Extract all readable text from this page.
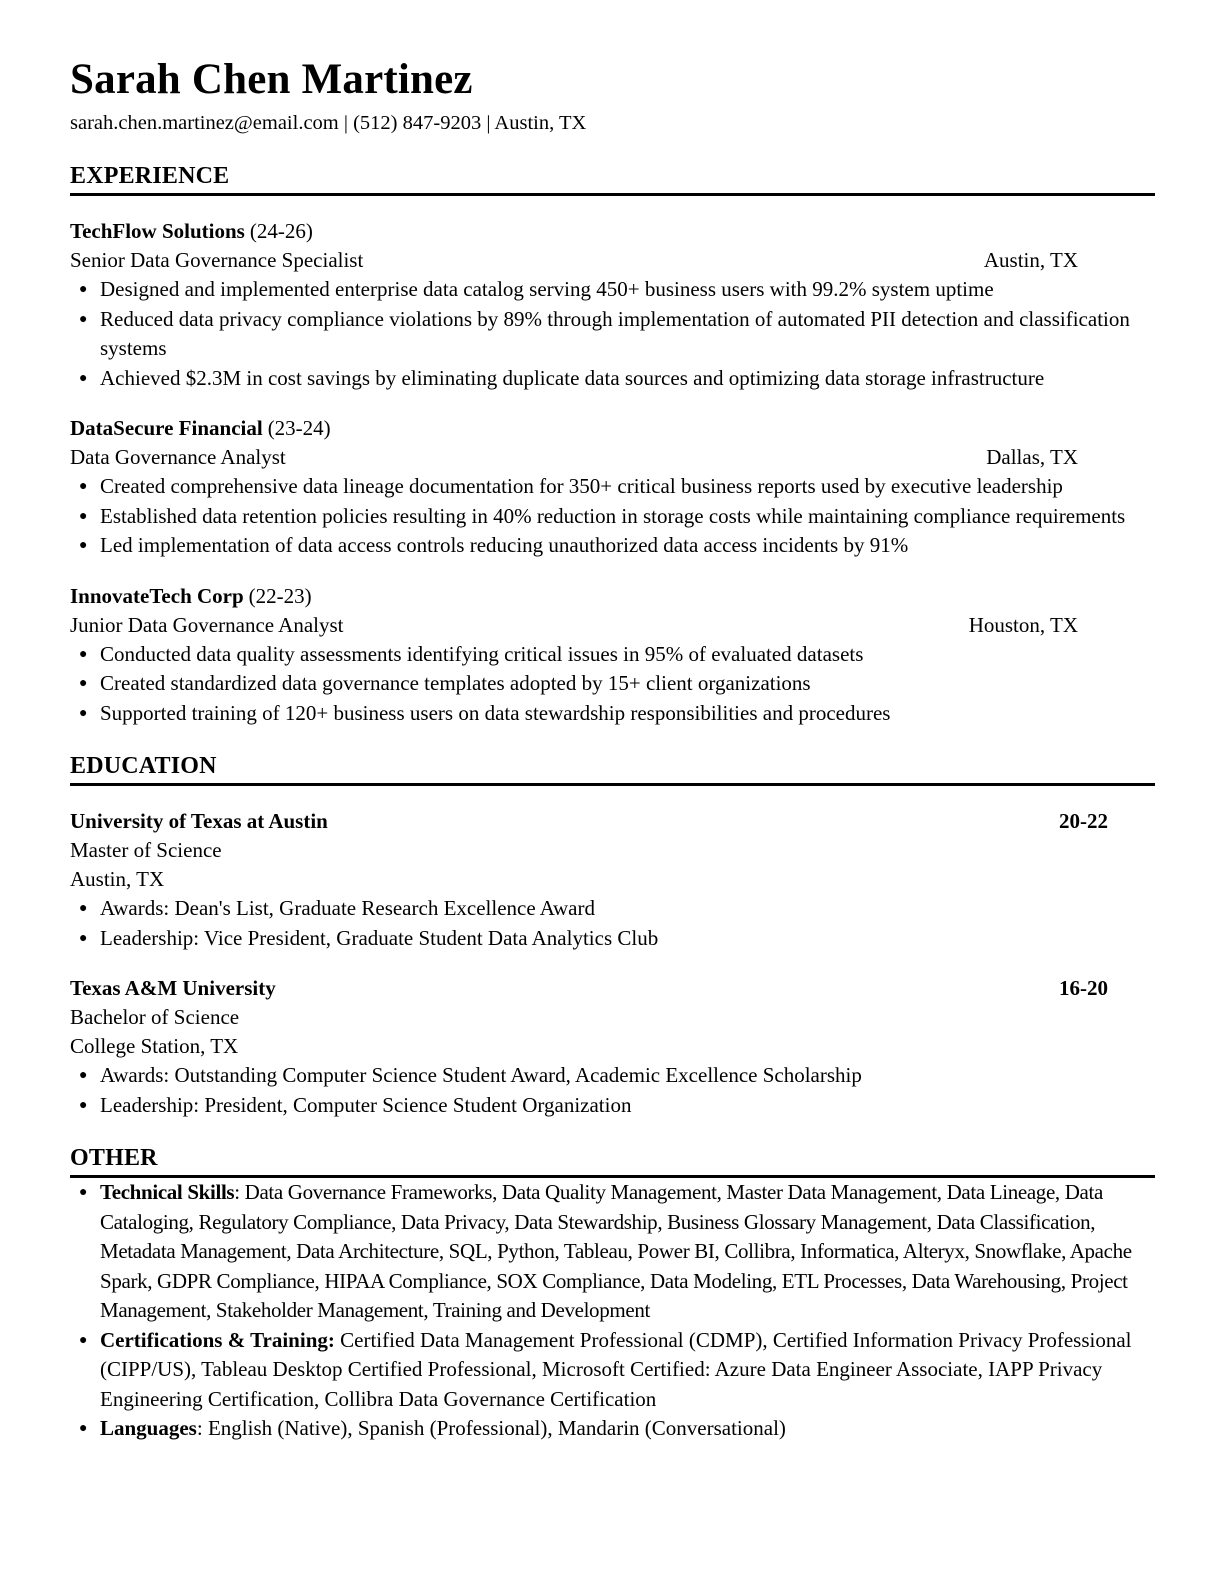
Sarah Chen Martinez
sarah.chen.martinez@email.com | (512) 847-9203 | Austin, TX
EXPERIENCE
TechFlow Solutions (24-26)
Senior Data Governance Specialist	Austin, TX
● Designed and implemented enterprise data catalog serving 450+ business users with 99.2% system uptime
● Reduced data privacy compliance violations by 89% through implementation of automated PII detection and classification systems
● Achieved $2.3M in cost savings by eliminating duplicate data sources and optimizing data storage infrastructure
DataSecure Financial (23-24)
Data Governance Analyst	Dallas, TX
● Created comprehensive data lineage documentation for 350+ critical business reports used by executive leadership
● Established data retention policies resulting in 40% reduction in storage costs while maintaining compliance requirements
● Led implementation of data access controls reducing unauthorized data access incidents by 91%
InnovateTech Corp (22-23)
Junior Data Governance Analyst	Houston, TX
● Conducted data quality assessments identifying critical issues in 95% of evaluated datasets
● Created standardized data governance templates adopted by 15+ client organizations
● Supported training of 120+ business users on data stewardship responsibilities and procedures
EDUCATION
University of Texas at Austin	20-22
Master of Science
Austin, TX
● Awards: Dean's List, Graduate Research Excellence Award
● Leadership: Vice President, Graduate Student Data Analytics Club
Texas A&M University	16-20
Bachelor of Science
College Station, TX
● Awards: Outstanding Computer Science Student Award, Academic Excellence Scholarship
● Leadership: President, Computer Science Student Organization
OTHER
● Technical Skills: Data Governance Frameworks, Data Quality Management, Master Data Management, Data Lineage, Data Cataloging, Regulatory Compliance, Data Privacy, Data Stewardship, Business Glossary Management, Data Classification, Metadata Management, Data Architecture, SQL, Python, Tableau, Power BI, Collibra, Informatica, Alteryx, Snowflake, Apache Spark, GDPR Compliance, HIPAA Compliance, SOX Compliance, Data Modeling, ETL Processes, Data Warehousing, Project Management, Stakeholder Management, Training and Development
● Certifications & Training: Certified Data Management Professional (CDMP), Certified Information Privacy Professional (CIPP/US), Tableau Desktop Certified Professional, Microsoft Certified: Azure Data Engineer Associate, IAPP Privacy Engineering Certification, Collibra Data Governance Certification
● Languages: English (Native), Spanish (Professional), Mandarin (Conversational)
